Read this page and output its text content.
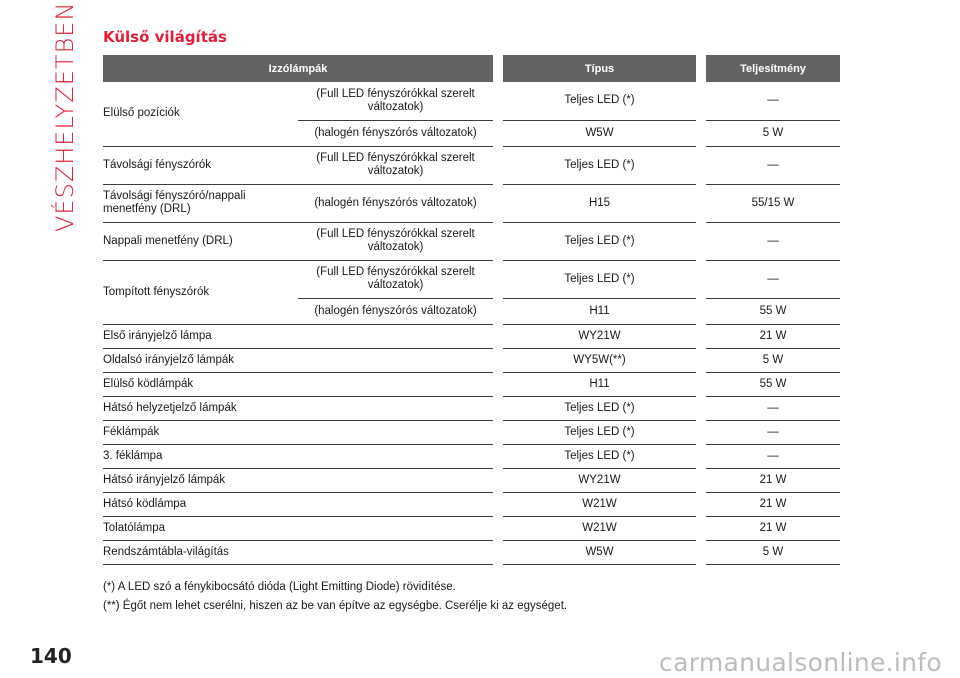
VÉSZHELYZETBEN
140	carmanualsonline.info
Külső világítás
Izzólámpák			Típus		Teljesítmény
Elülső pozíciók	(Full LED fényszórókkal szerelt változatok)		Teljes LED (*)		—
	(halogén fényszórós változatok)		W5W		5 W
Távolsági fényszórók	(Full LED fényszórókkal szerelt változatok)		Teljes LED (*)		—
Távolsági fényszóró/nappali menetfény (DRL)	(halogén fényszórós változatok)		H15		55/15 W
Nappali menetfény (DRL)	(Full LED fényszórókkal szerelt változatok)		Teljes LED (*)		—
Tompított fényszórók	(Full LED fényszórókkal szerelt változatok)		Teljes LED (*)		—
	(halogén fényszórós változatok)		H11		55 W
Első irányjelző lámpa			WY21W		21 W
Oldalsó irányjelző lámpák			WY5W(**)		5 W
Elülső ködlámpák			H11		55 W
Hátsó helyzetjelző lámpák			Teljes LED (*)		—
Féklámpák			Teljes LED (*)		—
3. féklámpa			Teljes LED (*)		—
Hátsó irányjelző lámpák			WY21W		21 W
Hátsó ködlámpa			W21W		21 W
Tolatólámpa			W21W		21 W
Rendszámtábla-világítás			W5W		5 W
(*) A LED szó a fénykibocsátó dióda (Light Emitting Diode) rövidítése.
(**) Égőt nem lehet cserélni, hiszen az be van építve az egységbe. Cserélje ki az egységet.
